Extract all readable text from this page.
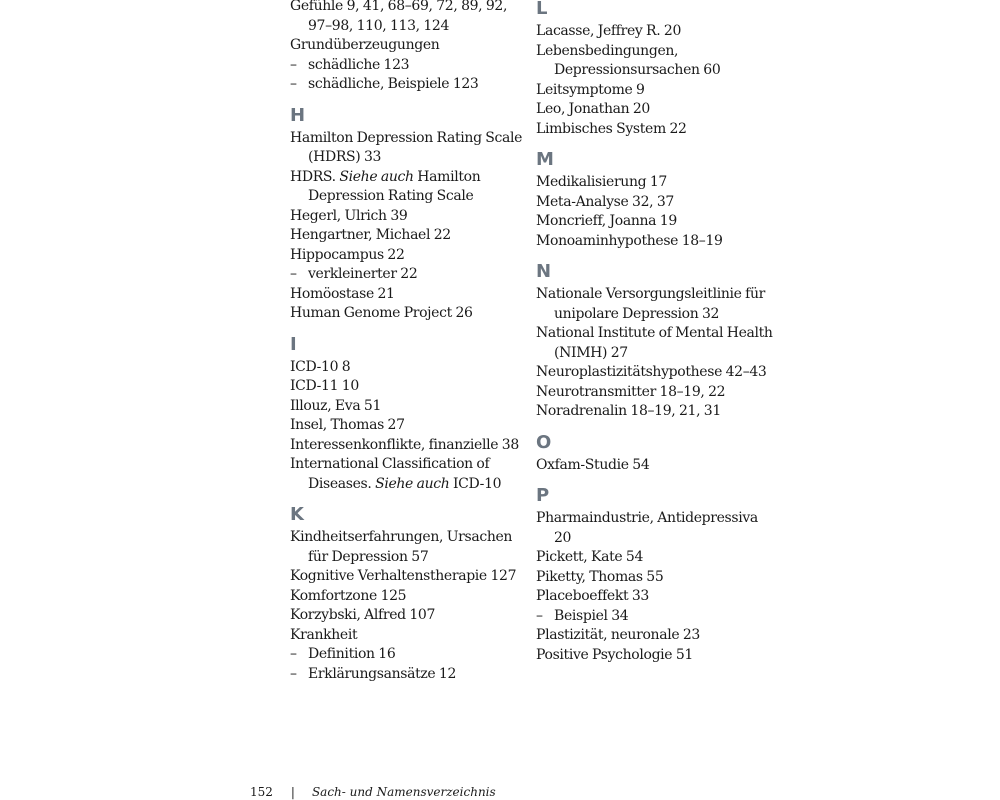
Gefühle 9, 41, 68–69, 72, 89, 92, 97–98, 110, 113, 124
Grundüberzeugungen
– schädliche 123
– schädliche, Beispiele 123
H
Hamilton Depression Rating Scale (HDRS) 33
HDRS. Siehe auch Hamilton Depression Rating Scale
Hegerl, Ulrich 39
Hengartner, Michael 22
Hippocampus 22
– verkleinerter 22
Homöostase 21
Human Genome Project 26
I
ICD-10 8
ICD-11 10
Illouz, Eva 51
Insel, Thomas 27
Interessenkonflikte, finanzielle 38
International Classification of Diseases. Siehe auch ICD-10
K
Kindheitserfahrungen, Ursachen für Depression 57
Kognitive Verhaltenstherapie 127
Komfortzone 125
Korzybski, Alfred 107
Krankheit
– Definition 16
– Erklärungsansätze 12
L
Lacasse, Jeffrey R. 20
Lebensbedingungen, Depressionsursachen 60
Leitsymptome 9
Leo, Jonathan 20
Limbisches System 22
M
Medikalisierung 17
Meta-Analyse 32, 37
Moncrieff, Joanna 19
Monoaminhypothese 18–19
N
Nationale Versorgungsleitlinie für unipolare Depression 32
National Institute of Mental Health (NIMH) 27
Neuroplastizitätshypothese 42–43
Neurotransmitter 18–19, 22
Noradrenalin 18–19, 21, 31
O
Oxfam-Studie 54
P
Pharmaindustrie, Antidepressiva 20
Pickett, Kate 54
Piketty, Thomas 55
Placeboeffekt 33
– Beispiel 34
Plastizität, neuronale 23
Positive Psychologie 51
152 | Sach- und Namensverzeichnis
